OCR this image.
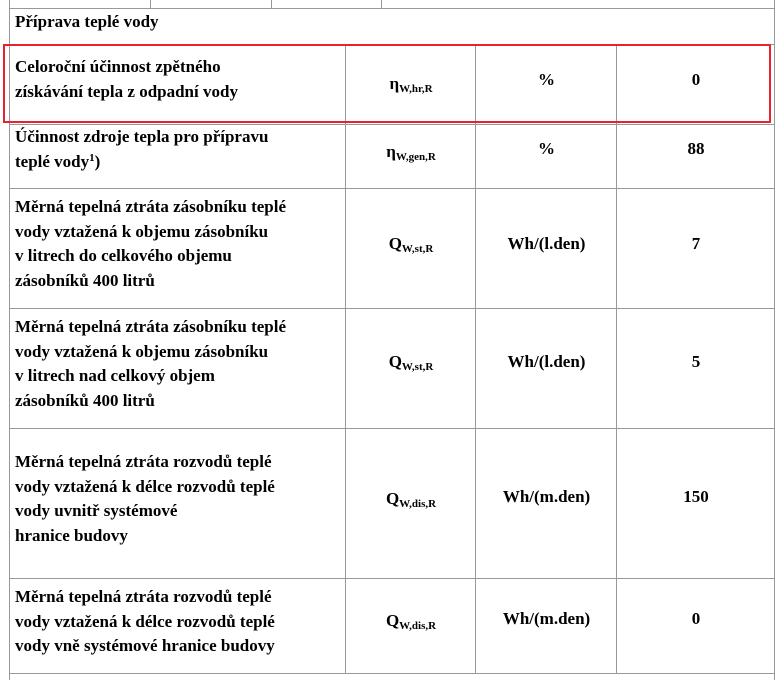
Příprava teplé vody
Celoroční účinnost zpětného
získávání tepla z odpadní vody	$\eta_{W,hr,R}$	%	0
Účinnost zdroje tepla pro přípravu
teplé vody$^1$)	$\eta_{W,gen,R}$	%	88
Měrná tepelná ztráta zásobníku teplé
vody vztažená k objemu zásobníku
v litrech do celkového objemu
zásobníků 400 litrů
$Q_{W,st,R}$	Wh/(l.den)	7
Měrná tepelná ztráta zásobníku teplé
vody vztažená k objemu zásobníku
v litrech nad celkový objem
zásobníků 400 litrů
$Q_{W,st,R}$	Wh/(l.den)	5
Měrná tepelná ztráta rozvodů teplé
vody vztažená k délce rozvodů teplé
vody uvnitř systémové
hranice budovy
$Q_{W,dis,R}$	Wh/(m.den)	150
Měrná tepelná ztráta rozvodů teplé
vody vztažená k délce rozvodů teplé
vody vně systémové hranice budovy
$Q_{W,dis,R}$	Wh/(m.den)	0
